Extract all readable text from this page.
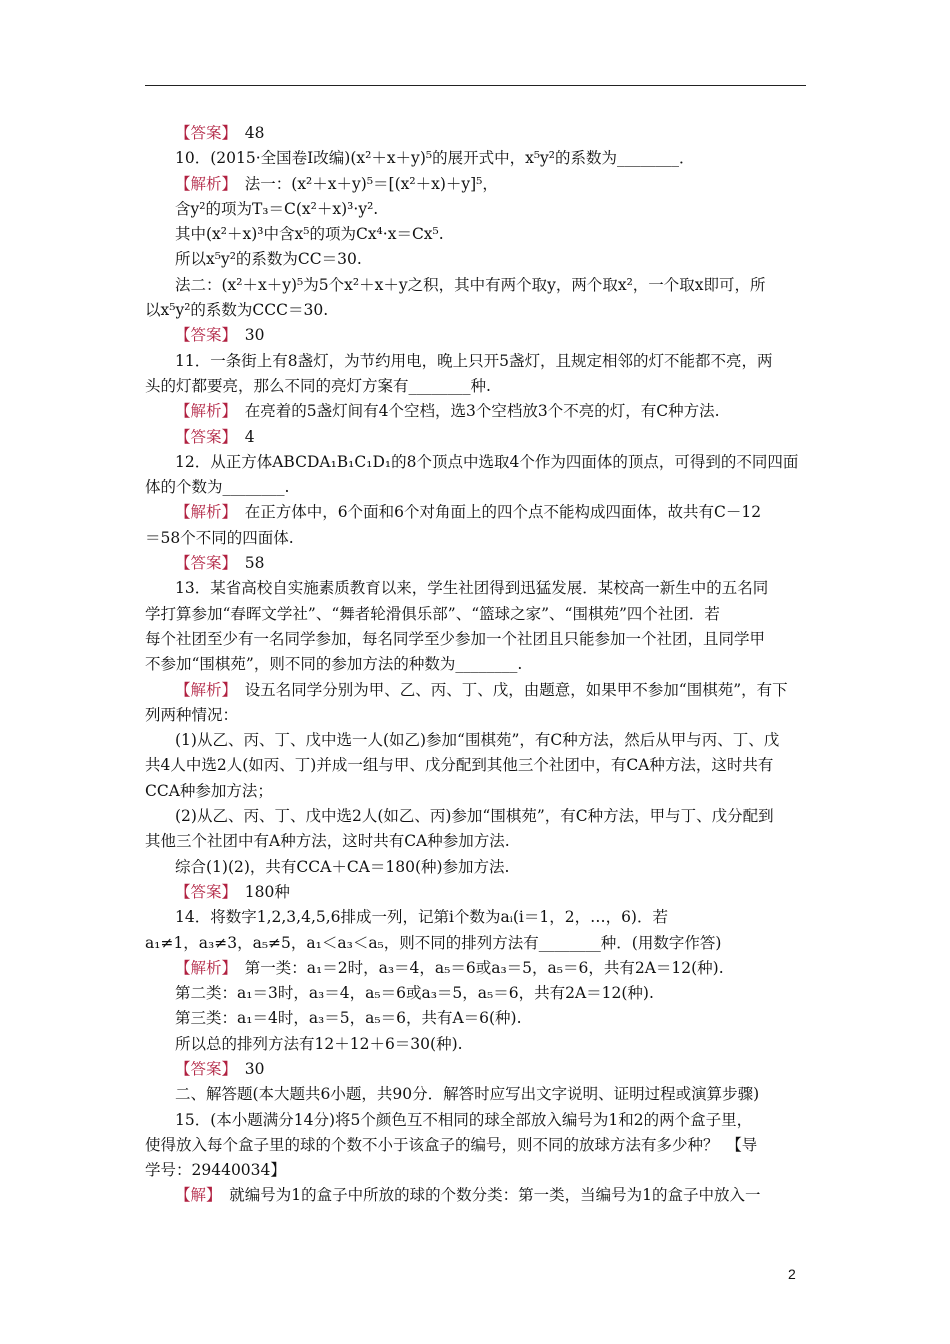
【答案】　48

10．(2015·全国卷Ⅰ改编)(x²＋x＋y)⁵的展开式中，x⁵y²的系数为________．

【解析】　法一：(x²＋x＋y)⁵＝[(x²＋x)＋y]⁵，

含y²的项为T₃＝C(x²＋x)³·y².

其中(x²＋x)³中含x⁵的项为Cx⁴·x＝Cx⁵.

所以x⁵y²的系数为CC＝30.

法二：(x²＋x＋y)⁵为5个x²＋x＋y之积，其中有两个取y，两个取x²，一个取x即可，所

以x⁵y²的系数为CCC＝30.

【答案】　30

11．一条街上有8盏灯，为节约用电，晚上只开5盏灯，且规定相邻的灯不能都不亮，两

头的灯都要亮，那么不同的亮灯方案有________种.

【解析】　在亮着的5盏灯间有4个空档，选3个空档放3个不亮的灯，有C种方法.

【答案】　4

12．从正方体ABCDA₁B₁C₁D₁的8个顶点中选取4个作为四面体的顶点，可得到的不同四面

体的个数为________.

【解析】　在正方体中，6个面和6个对角面上的四个点不能构成四面体，故共有C－12

＝58个不同的四面体.

【答案】　58

13．某省高校自实施素质教育以来，学生社团得到迅猛发展．某校高一新生中的五名同

学打算参加“春晖文学社”、“舞者轮滑俱乐部”、“篮球之家”、“围棋苑”四个社团．若

每个社团至少有一名同学参加，每名同学至少参加一个社团且只能参加一个社团，且同学甲

不参加“围棋苑”，则不同的参加方法的种数为________.

【解析】　设五名同学分别为甲、乙、丙、丁、戊，由题意，如果甲不参加“围棋苑”，有下

列两种情况：

(1)从乙、丙、丁、戊中选一人(如乙)参加“围棋苑”，有C种方法，然后从甲与丙、丁、戊

共4人中选2人(如丙、丁)并成一组与甲、戊分配到其他三个社团中，有CA种方法，这时共有

CCA种参加方法；

(2)从乙、丙、丁、戊中选2人(如乙、丙)参加“围棋苑”，有C种方法，甲与丁、戊分配到

其他三个社团中有A种方法，这时共有CA种参加方法.

综合(1)(2)，共有CCA＋CA＝180(种)参加方法.

【答案】　180种

14．将数字1,2,3,4,5,6排成一列，记第i个数为aᵢ(i＝1，2，…，6)．若

a₁≠1，a₃≠3，a₅≠5，a₁＜a₃＜a₅，则不同的排列方法有________种．(用数字作答)

【解析】　第一类：a₁＝2时，a₃＝4，a₅＝6或a₃＝5，a₅＝6，共有2A＝12(种).

第二类：a₁＝3时，a₃＝4，a₅＝6或a₃＝5，a₅＝6，共有2A＝12(种).

第三类：a₁＝4时，a₃＝5，a₅＝6，共有A＝6(种).

所以总的排列方法有12＋12＋6＝30(种).

【答案】　30

二、解答题(本大题共6小题，共90分．解答时应写出文字说明、证明过程或演算步骤)

15．(本小题满分14分)将5个颜色互不相同的球全部放入编号为1和2的两个盒子里，

使得放入每个盒子里的球的个数不小于该盒子的编号，则不同的放球方法有多少种？　【导

学号：29440034】

【解】　就编号为1的盒子中所放的球的个数分类：第一类，当编号为1的盒子中放入一

2
